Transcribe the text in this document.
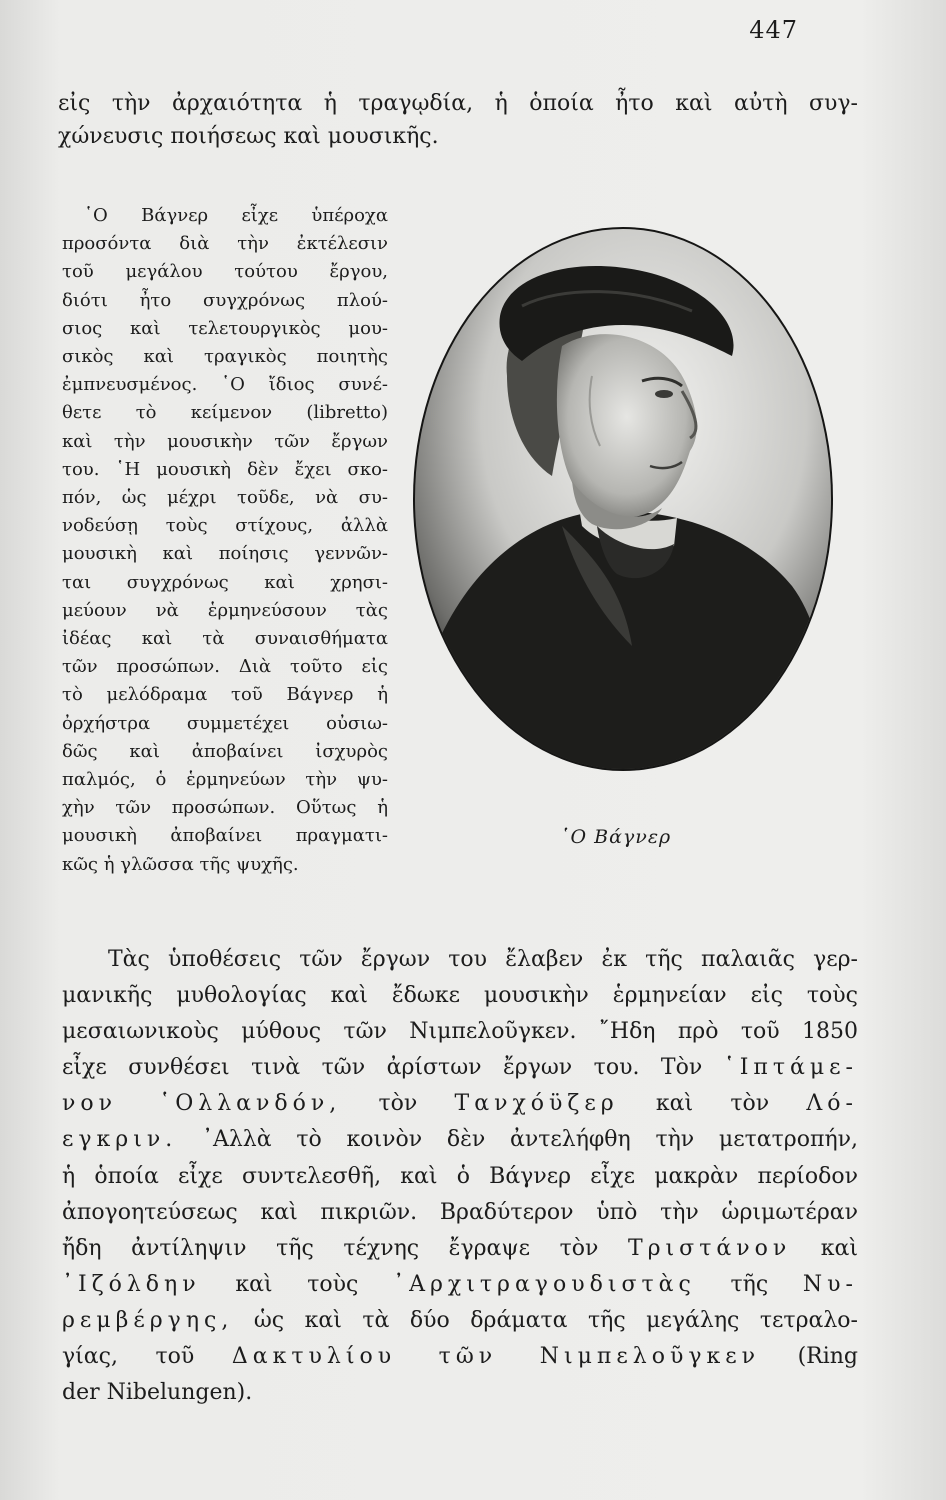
447
εἰς τὴν ἀρχαιότητα ἡ τραγῳδία, ἡ ὁποία ἦτο καὶ αὐτὴ συγ-
χώνευσις ποιήσεως καὶ μουσικῆς.
῾Ο Βάγνερ εἶχε ὑπέροχα
προσόντα διὰ τὴν ἐκτέλεσιν
τοῦ μεγάλου τούτου ἔργου,
διότι ἦτο συγχρόνως πλού-
σιος καὶ τελετουργικὸς μου-
σικὸς καὶ τραγικὸς ποιητὴς
ἐμπνευσμένος. ῾Ο ἴδιος συνέ-
θετε τὸ κείμενον (libretto)
καὶ τὴν μουσικὴν τῶν ἔργων
του. ῾Η μουσικὴ δὲν ἔχει σκο-
πόν, ὡς μέχρι τοῦδε, νὰ συ-
νοδεύσῃ τοὺς στίχους, ἀλλὰ
μουσικὴ καὶ ποίησις γεννῶν-
ται συγχρόνως καὶ χρησι-
μεύουν νὰ ἑρμηνεύσουν τὰς
ἰδέας καὶ τὰ συναισθήματα
τῶν προσώπων. Διὰ τοῦτο εἰς
τὸ μελόδραμα τοῦ Βάγνερ ἡ
ὀρχήστρα συμμετέχει οὐσιω-
δῶς καὶ ἀποβαίνει ἰσχυρὸς
παλμός, ὁ ἑρμηνεύων τὴν ψυ-
χὴν τῶν προσώπων. Οὕτως ἡ
μουσικὴ ἀποβαίνει πραγματι-
κῶς ἡ γλῶσσα τῆς ψυχῆς.
῾Ο Βάγνερ
Τὰς ὑποθέσεις τῶν ἔργων του ἔλαβεν ἐκ τῆς παλαιᾶς γερ-
μανικῆς μυθολογίας καὶ ἔδωκε μουσικὴν ἑρμηνείαν εἰς τοὺς
μεσαιωνικοὺς μύθους τῶν Νιμπελοῦγκεν. ῎Ηδη πρὸ τοῦ 1850
εἶχε συνθέσει τινὰ τῶν ἀρίστων ἔργων του. Τὸν ῾Ιπτάμε-
νον ῾Ολλανδόν, τὸν Τανχόϋζερ καὶ τὸν Λό-
εγκριν. ᾿Αλλὰ τὸ κοινὸν δὲν ἀντελήφθη τὴν μετατροπήν,
ἡ ὁποία εἶχε συντελεσθῆ, καὶ ὁ Βάγνερ εἶχε μακρὰν περίοδον
ἀπογοητεύσεως καὶ πικριῶν. Βραδύτερον ὑπὸ τὴν ὡριμωτέραν
ἤδη ἀντίληψιν τῆς τέχνης ἔγραψε τὸν Τριστάνον καὶ
᾿Ιζόλδην καὶ τοὺς ᾿Αρχιτραγουδιστὰς τῆς Νυ-
ρεμβέργης, ὡς καὶ τὰ δύο δράματα τῆς μεγάλης τετραλο-
γίας, τοῦ Δακτυλίου τῶν Νιμπελοῦγκεν (Ring
der Nibelungen).
